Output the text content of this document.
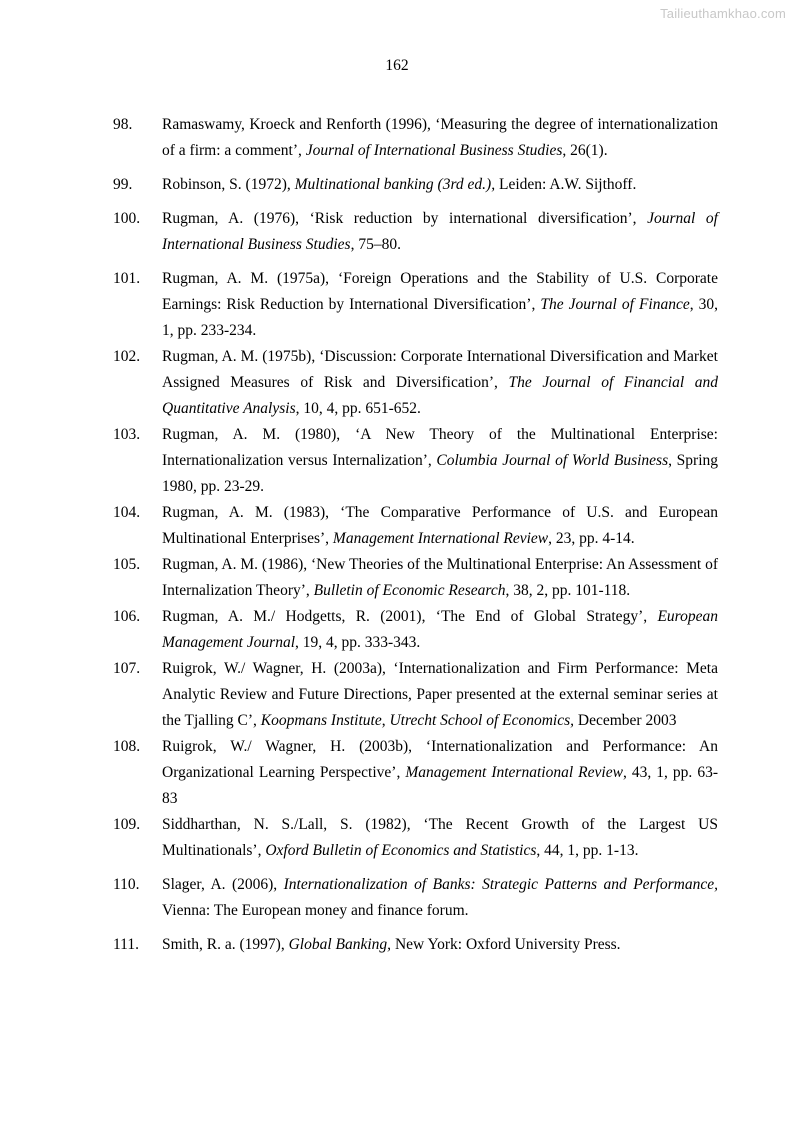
Tailieuthamkhao.com
162
98. Ramaswamy, Kroeck and Renforth (1996), ‘Measuring the degree of internationalization of a firm: a comment’, Journal of International Business Studies, 26(1).
99. Robinson, S. (1972), Multinational banking (3rd ed.), Leiden: A.W. Sijthoff.
100. Rugman, A. (1976), ‘Risk reduction by international diversification’, Journal of International Business Studies, 75–80.
101. Rugman, A. M. (1975a), ‘Foreign Operations and the Stability of U.S. Corporate Earnings: Risk Reduction by International Diversification’, The Journal of Finance, 30, 1, pp. 233-234.
102. Rugman, A. M. (1975b), ‘Discussion: Corporate International Diversification and Market Assigned Measures of Risk and Diversification’, The Journal of Financial and Quantitative Analysis, 10, 4, pp. 651-652.
103. Rugman, A. M. (1980), ‘A New Theory of the Multinational Enterprise: Internationalization versus Internalization’, Columbia Journal of World Business, Spring 1980, pp. 23-29.
104. Rugman, A. M. (1983), ‘The Comparative Performance of U.S. and European Multinational Enterprises’, Management International Review, 23, pp. 4-14.
105. Rugman, A. M. (1986), ‘New Theories of the Multinational Enterprise: An Assessment of Internalization Theory’, Bulletin of Economic Research, 38, 2, pp. 101-118.
106. Rugman, A. M./ Hodgetts, R. (2001), ‘The End of Global Strategy’, European Management Journal, 19, 4, pp. 333-343.
107. Ruigrok, W./ Wagner, H. (2003a), ‘Internationalization and Firm Performance: Meta Analytic Review and Future Directions, Paper presented at the external seminar series at the Tjalling C’, Koopmans Institute, Utrecht School of Economics, December 2003
108. Ruigrok, W./ Wagner, H. (2003b), ‘Internationalization and Performance: An Organizational Learning Perspective’, Management International Review, 43, 1, pp. 63-83
109. Siddharthan, N. S./Lall, S. (1982), ‘The Recent Growth of the Largest US Multinationals’, Oxford Bulletin of Economics and Statistics, 44, 1, pp. 1-13.
110. Slager, A. (2006), Internationalization of Banks: Strategic Patterns and Performance, Vienna: The European money and finance forum.
111. Smith, R. a. (1997), Global Banking, New York: Oxford University Press.
